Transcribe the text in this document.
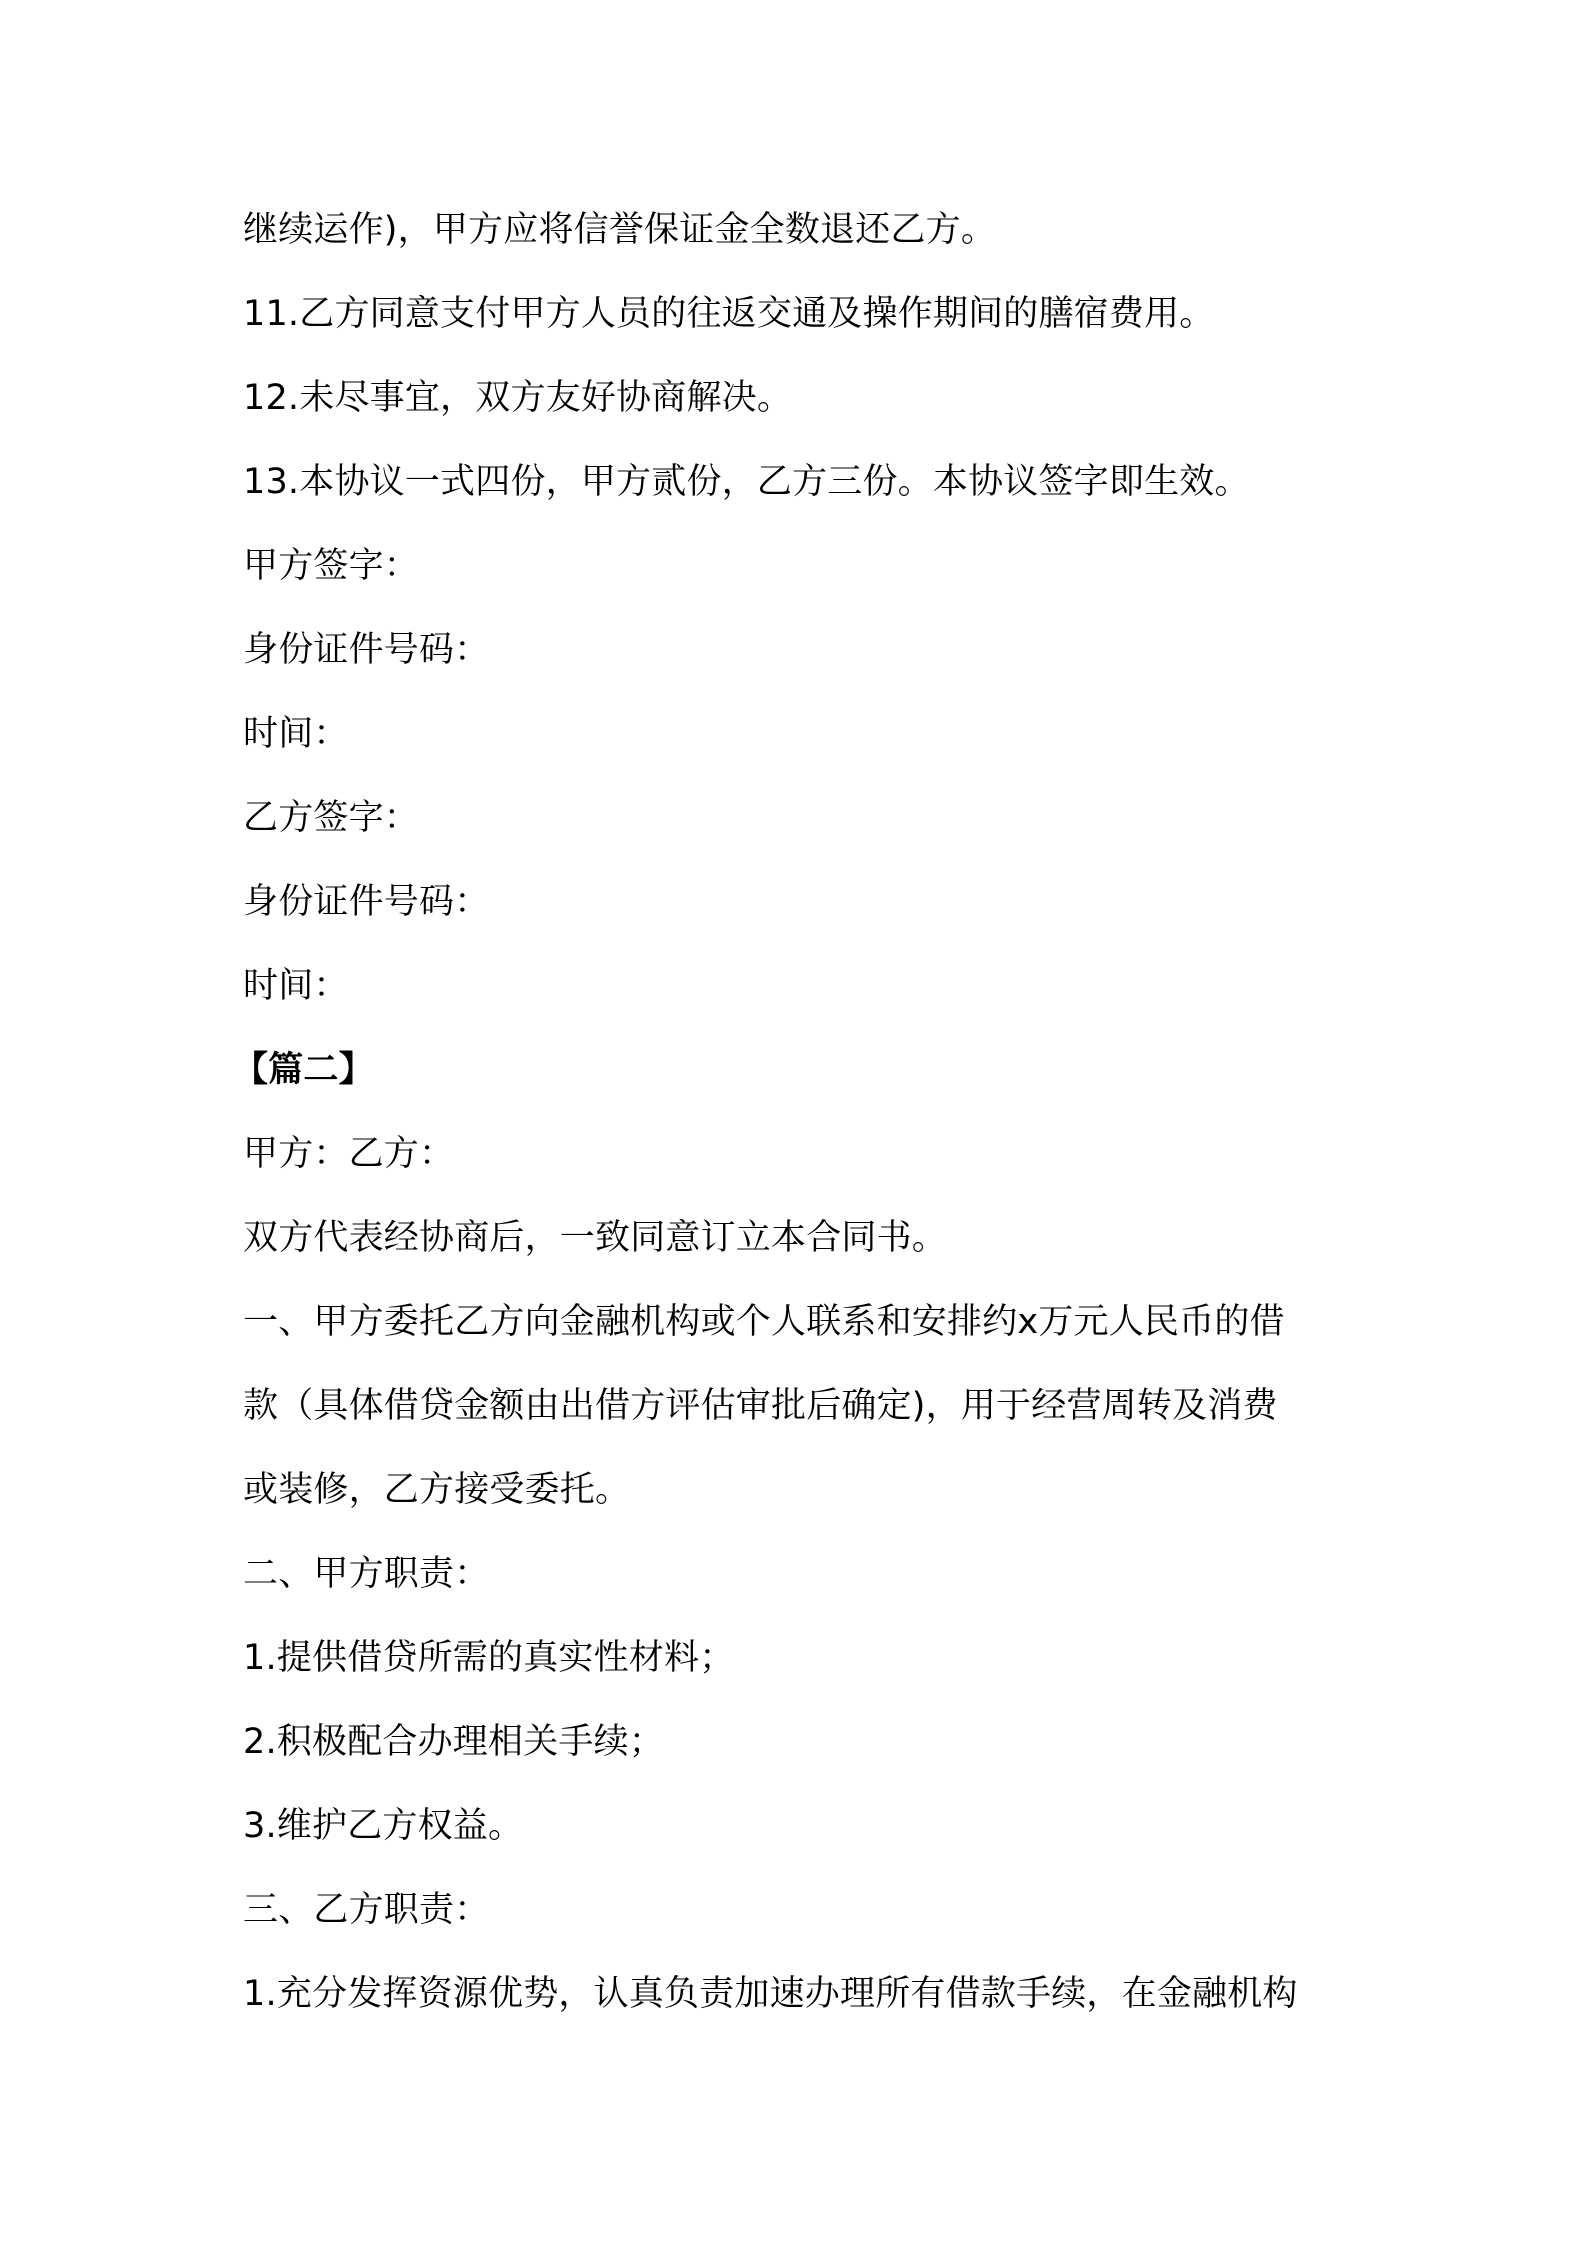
继续运作)，甲方应将信誉保证金全数退还乙方。
11.乙方同意支付甲方人员的往返交通及操作期间的膳宿费用。
12.未尽事宜，双方友好协商解决。
13.本协议一式四份，甲方贰份，乙方三份。本协议签字即生效。
甲方签字：
身份证件号码：
时间：
乙方签字：
身份证件号码：
时间：
【篇二】
甲方：乙方：
双方代表经协商后，一致同意订立本合同书。
一、甲方委托乙方向金融机构或个人联系和安排约x万元人民币的借
款（具体借贷金额由出借方评估审批后确定)，用于经营周转及消费
或装修，乙方接受委托。
二、甲方职责：
1.提供借贷所需的真实性材料；
2.积极配合办理相关手续；
3.维护乙方权益。
三、乙方职责：
1.充分发挥资源优势，认真负责加速办理所有借款手续，在金融机构
